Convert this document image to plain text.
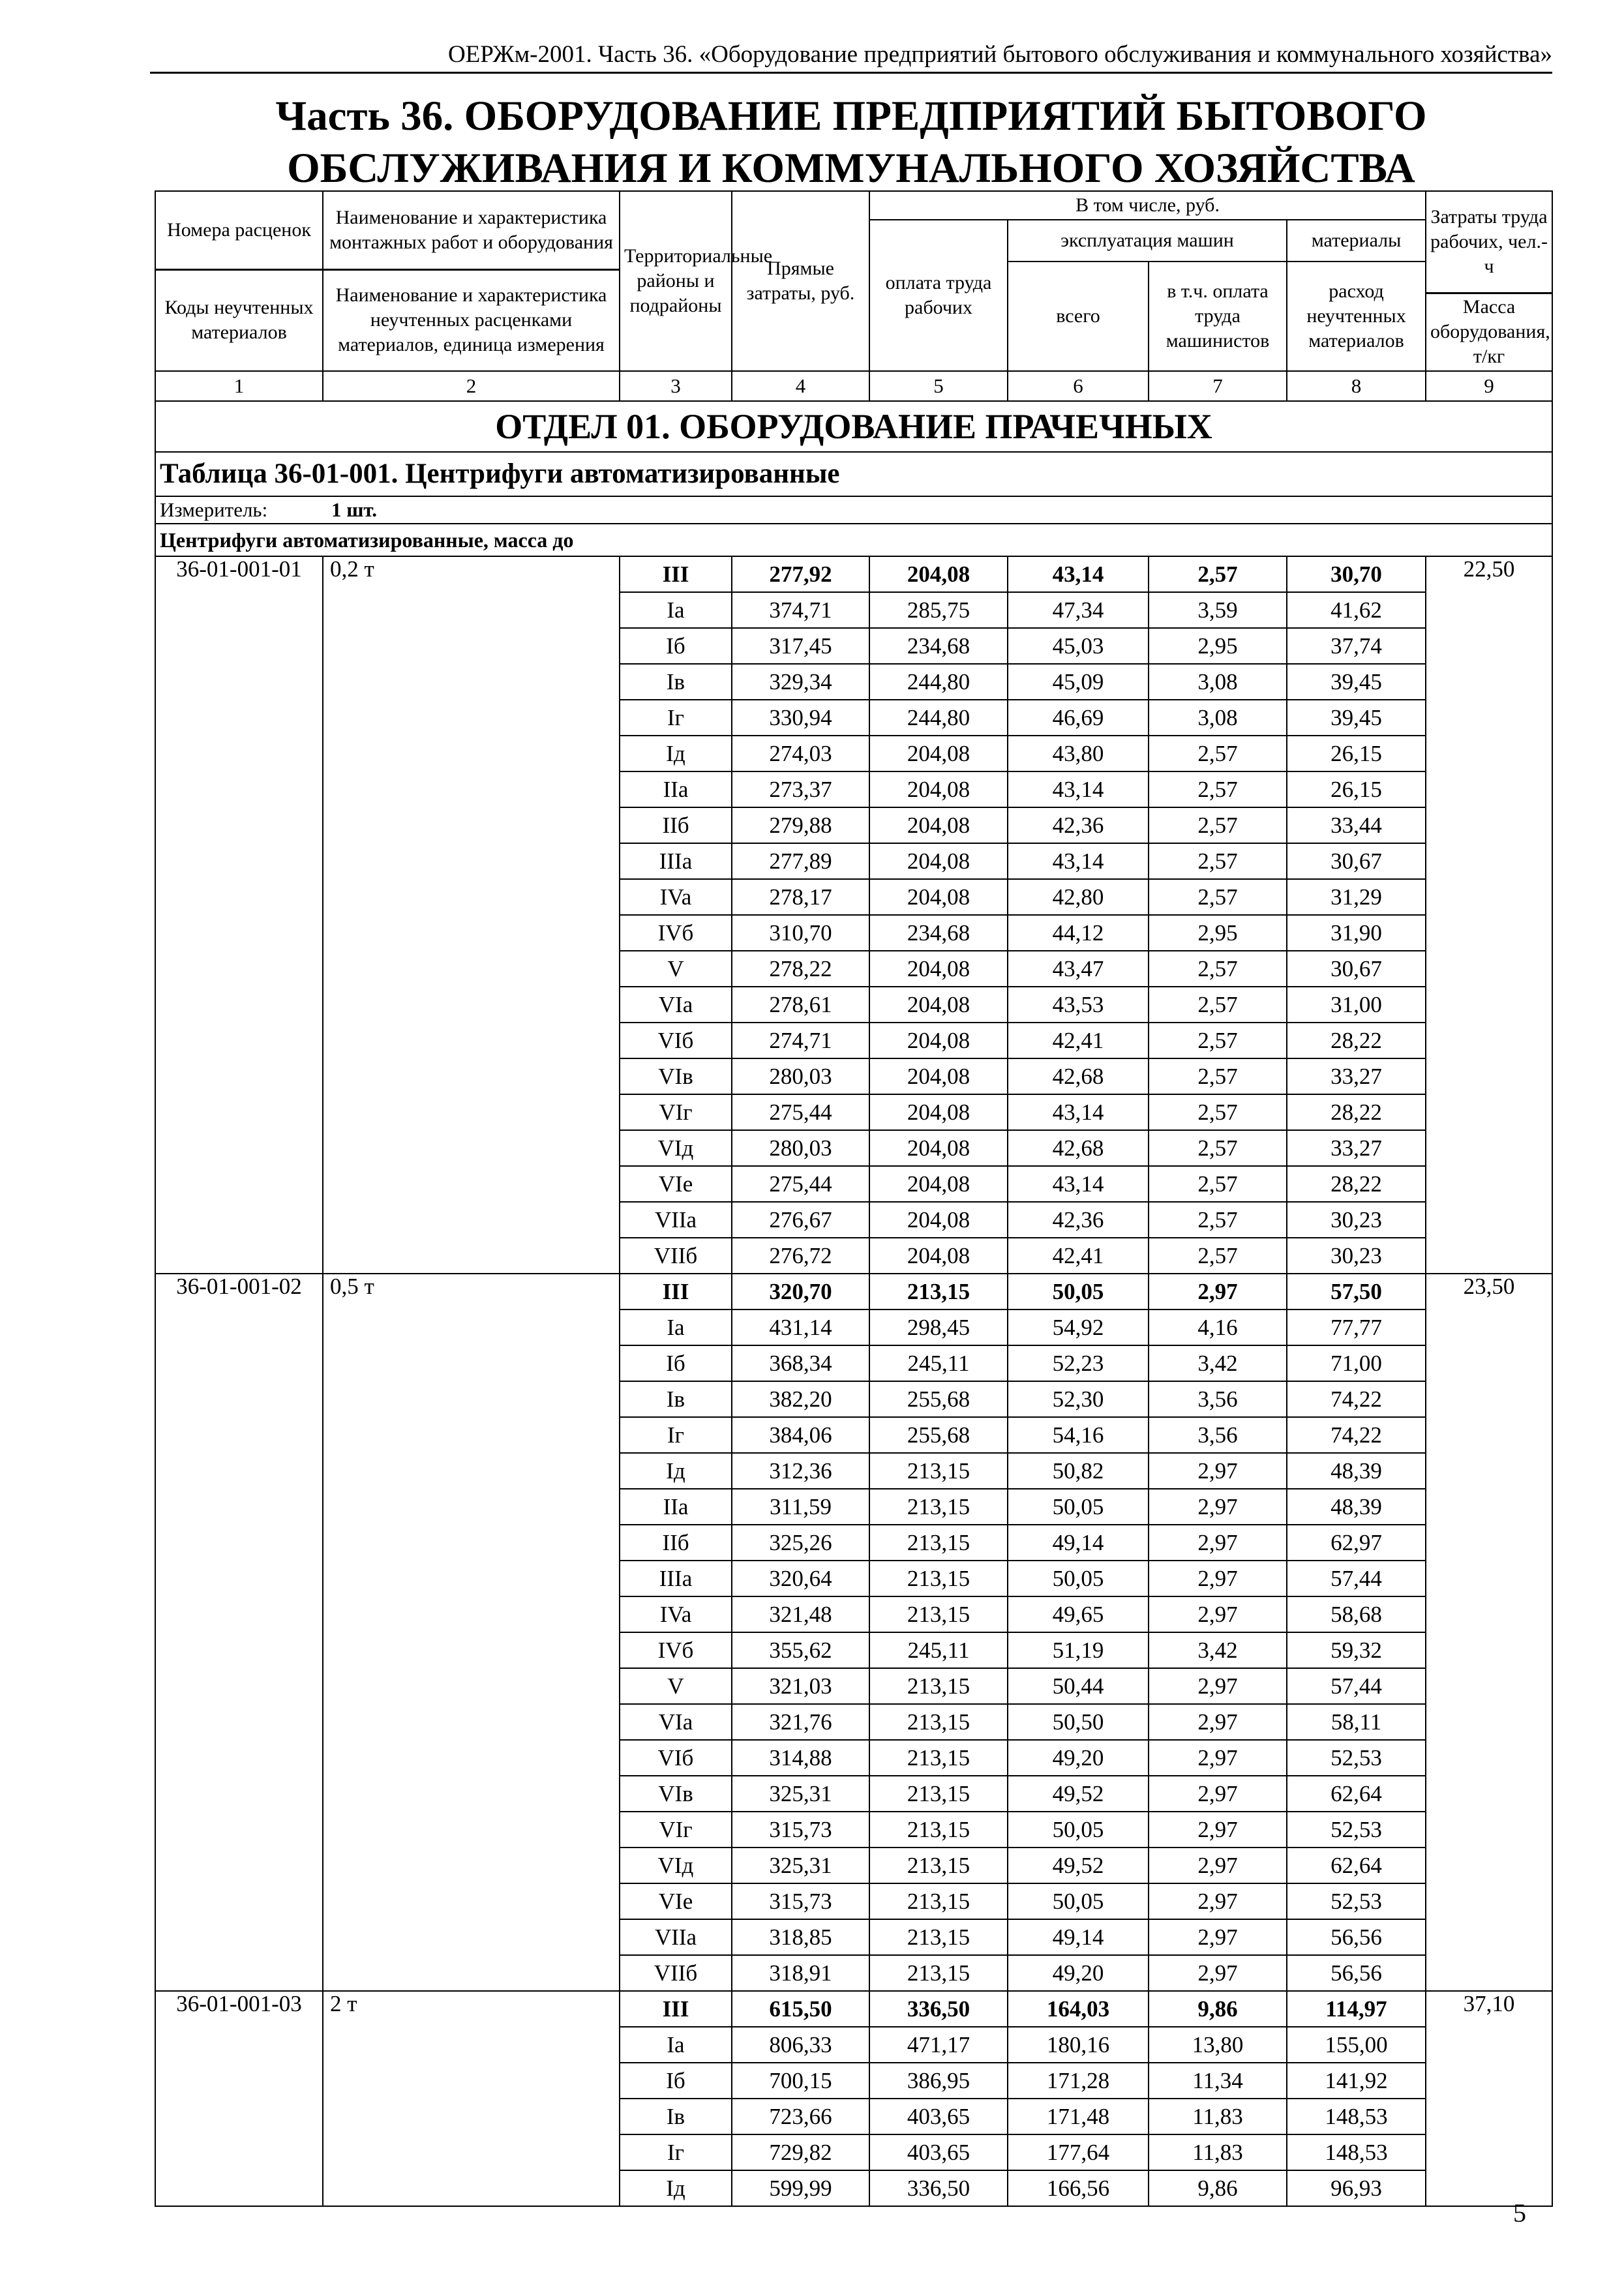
ОЕРЖм-2001. Часть 36. «Оборудование предприятий бытового обслуживания и коммунального хозяйства»
Часть 36. ОБОРУДОВАНИЕ ПРЕДПРИЯТИЙ БЫТОВОГО
ОБСЛУЖИВАНИЯ И КОММУНАЛЬНОГО ХОЗЯЙСТВА
Номера расценок	Наименование и характеристика монтажных работ и оборудования	Территориальные районы и подрайоны	Прямые затраты, руб.	В том числе, руб.				Затраты труда рабочих, чел.-ч
				оплата труда рабочих	эксплуатация машин		материалы	
					всего	в т.ч. оплата труда машинистов	расход неучтенных материалов	
Коды неучтенных материалов	Наименование и характеристика неучтенных расценками материалов, единица измерения							
								Масса оборудования, т/кг

1	2	3	4	5	6	7	8	9
ОТДЕЛ 01. ОБОРУДОВАНИЕ ПРАЧЕЧНЫХ								
Таблица 36-01-001. Центрифуги автоматизированные								
Измеритель: 1 шт.								
Центрифуги автоматизированные, масса до								
36-01-001-01	0,2 т	III	277,92	204,08	43,14	2,57	30,70	22,50
		Ia	374,71	285,75	47,34	3,59	41,62	
		Iб	317,45	234,68	45,03	2,95	37,74	
		Iв	329,34	244,80	45,09	3,08	39,45	
		Iг	330,94	244,80	46,69	3,08	39,45	
		Iд	274,03	204,08	43,80	2,57	26,15	
		IIa	273,37	204,08	43,14	2,57	26,15	
		IIб	279,88	204,08	42,36	2,57	33,44	
		IIIa	277,89	204,08	43,14	2,57	30,67	
		IVa	278,17	204,08	42,80	2,57	31,29	
		IVб	310,70	234,68	44,12	2,95	31,90	
		V	278,22	204,08	43,47	2,57	30,67	
		VIa	278,61	204,08	43,53	2,57	31,00	
		VIб	274,71	204,08	42,41	2,57	28,22	
		VIв	280,03	204,08	42,68	2,57	33,27	
		VIг	275,44	204,08	43,14	2,57	28,22	
		VIд	280,03	204,08	42,68	2,57	33,27	
		VIe	275,44	204,08	43,14	2,57	28,22	
		VIIa	276,67	204,08	42,36	2,57	30,23	
		VIIб	276,72	204,08	42,41	2,57	30,23	
36-01-001-02	0,5 т	III	320,70	213,15	50,05	2,97	57,50	23,50
		Ia	431,14	298,45	54,92	4,16	77,77	
		Iб	368,34	245,11	52,23	3,42	71,00	
		Iв	382,20	255,68	52,30	3,56	74,22	
		Iг	384,06	255,68	54,16	3,56	74,22	
		Iд	312,36	213,15	50,82	2,97	48,39	
		IIa	311,59	213,15	50,05	2,97	48,39	
		IIб	325,26	213,15	49,14	2,97	62,97	
		IIIa	320,64	213,15	50,05	2,97	57,44	
		IVa	321,48	213,15	49,65	2,97	58,68	
		IVб	355,62	245,11	51,19	3,42	59,32	
		V	321,03	213,15	50,44	2,97	57,44	
		VIa	321,76	213,15	50,50	2,97	58,11	
		VIб	314,88	213,15	49,20	2,97	52,53	
		VIв	325,31	213,15	49,52	2,97	62,64	
		VIг	315,73	213,15	50,05	2,97	52,53	
		VIд	325,31	213,15	49,52	2,97	62,64	
		VIe	315,73	213,15	50,05	2,97	52,53	
		VIIa	318,85	213,15	49,14	2,97	56,56	
		VIIб	318,91	213,15	49,20	2,97	56,56	
36-01-001-03	2 т	III	615,50	336,50	164,03	9,86	114,97	37,10
		Ia	806,33	471,17	180,16	13,80	155,00	
		Iб	700,15	386,95	171,28	11,34	141,92	
		Iв	723,66	403,65	171,48	11,83	148,53	
		Iг	729,82	403,65	177,64	11,83	148,53	
		Iд	599,99	336,50	166,56	9,86	96,93	
5
